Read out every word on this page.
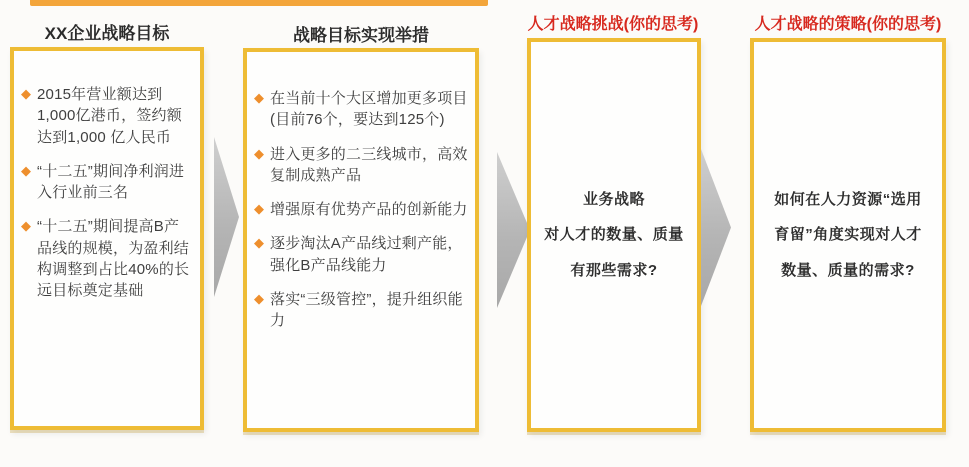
XX企业战略目标	战略目标实现举措
人才战略挑战(你的思考)	人才战略的策略(你的思考)
◆ 2015年营业额达到 1,000亿港币，签约额达到1,000 亿人民币
◆ “十二五”期间净利润进入行业前三名
◆ “十二五”期间提高B产品线的规模，为盈利结构调整到占比40%的长远目标奠定基础
◆ 在当前十个大区增加更多项目(目前76个，要达到125个)
◆ 进入更多的二三线城市，高效复制成熟产品
◆ 增强原有优势产品的创新能力
◆ 逐步淘汰A产品线过剩产能，强化B产品线能力
◆ 落实“三级管控”，提升组织能力
业务战略
对人才的数量、质量
有那些需求?
如何在人力资源“选用
育留”角度实现对人才
数量、质量的需求?
